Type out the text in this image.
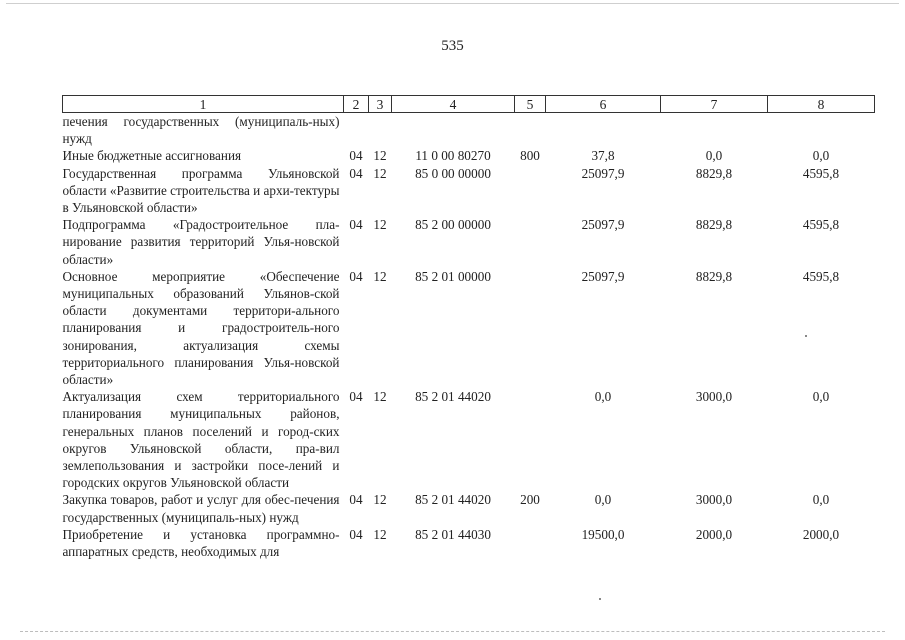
535
1	2	3	4	5	6	7	8
печения государственных (муниципаль-ных) нужд							
Иные бюджетные ассигнования	04	12	11 0 00 80270	800	37,8	0,0	0,0
Государственная программа Ульяновской области «Развитие строительства и архи-тектуры в Ульяновской области»	04	12	85 0 00 00000		25097,9	8829,8	4595,8
Подпрограмма «Градостроительное пла-нирование развития территорий Улья-новской области»	04	12	85 2 00 00000		25097,9	8829,8	4595,8
Основное мероприятие «Обеспечение муниципальных образований Ульянов-ской области документами территори-ального планирования и градостроитель-ного зонирования, актуализация схемы территориального планирования Улья-новской области»	04	12	85 2 01 00000		25097,9	8829,8	4595,8
Актуализация схем территориального планирования муниципальных районов, генеральных планов поселений и город-ских округов Ульяновской области, пра-вил землепользования и застройки посе-лений и городских округов Ульяновской области	04	12	85 2 01 44020		0,0	3000,0	0,0
Закупка товаров, работ и услуг для обес-печения государственных (муниципаль-ных) нужд	04	12	85 2 01 44020	200	0,0	3000,0	0,0
Приобретение и установка программно-аппаратных средств, необходимых для	04	12	85 2 01 44030		19500,0	2000,0	2000,0
